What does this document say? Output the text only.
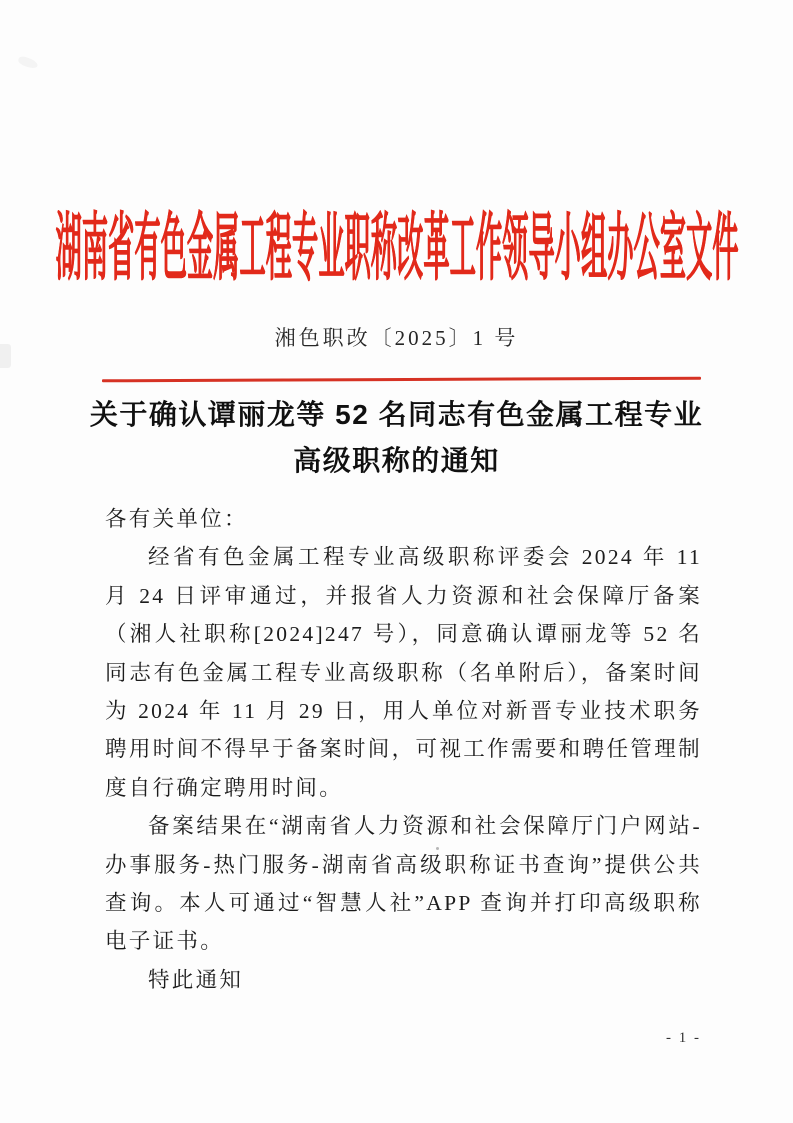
湖南省有色金属工程专业职称改革工作领导小组办公室文件
湘色职改〔2025〕1 号
关于确认谭丽龙等 52 名同志有色金属工程专业
高级职称的通知

各有关单位：

经省有色金属工程专业高级职称评委会 2024 年 11 月 24 日评审通过，并报省人力资源和社会保障厅备案（湘人社职称[2024]247 号），同意确认谭丽龙等 52 名同志有色金属工程专业高级职称（名单附后），备案时间为 2024 年 11 月 29 日，用人单位对新晋专业技术职务聘用时间不得早于备案时间，可视工作需要和聘任管理制度自行确定聘用时间。

备案结果在“湖南省人力资源和社会保障厅门户网站-办事服务-热门服务-湖南省高级职称证书查询”提供公共查询。本人可通过“智慧人社”APP 查询并打印高级职称电子证书。

特此通知

- 1 -
